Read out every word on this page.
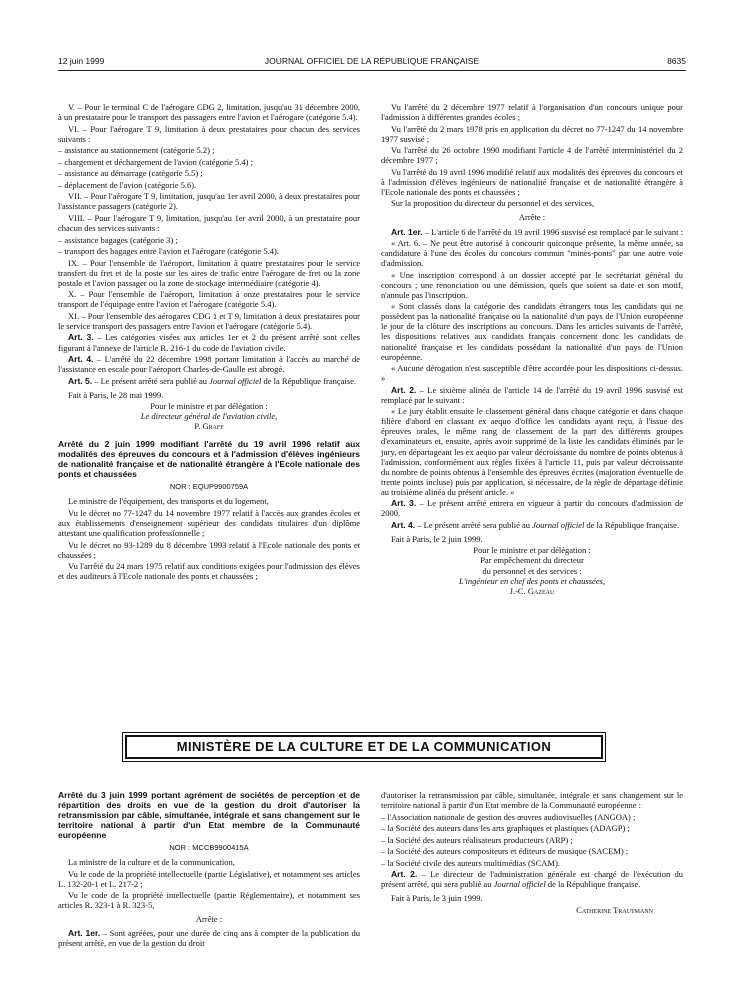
12 juin 1999	JOURNAL OFFICIEL DE LA RÉPUBLIQUE FRANÇAISE	8635

V. – Pour le terminal C de l'aérogare CDG 2, limitation, jusqu'au 31 décembre 2000, à un prestataire pour le transport des passagers entre l'avion et l'aérogare (catégorie 5.4).

VI. – Pour l'aérogare T 9, limitation à deux prestataires pour chacun des services suivants :

– assistance au stationnement (catégorie 5.2) ;

– chargement et déchargement de l'avion (catégorie 5.4) ;

– assistance au démarrage (catégorie 5.5) ;

– déplacement de l'avion (catégorie 5.6).

VII. – Pour l'aérogare T 9, limitation, jusqu'au 1er avril 2000, à deux prestataires pour l'assistance passagers (catégorie 2).

VIII. – Pour l'aérogare T 9, limitation, jusqu'au 1er avril 2000, à un prestataire pour chacun des services suivants :

– assistance bagages (catégorie 3) ;

– transport des bagages entre l'avion et l'aérogare (catégorie 5.4).

IX. – Pour l'ensemble de l'aéroport, limitation à quatre prestataires pour le service transfert du fret et de la poste sur les aires de trafic entre l'aérogare de fret ou la zone postale et l'avion passager ou la zone de stockage intermédiaire (catégorie 4).

X. – Pour l'ensemble de l'aéroport, limitation à onze prestataires pour le service transport de l'équipage entre l'avion et l'aérogare (catégorie 5.4).

XI. – Pour l'ensemble des aérogares CDG 1 et T 9, limitation à deux prestataires pour le service transport des passagers entre l'avion et l'aérogare (catégorie 5.4).

Art. 3. – Les catégories visées aux articles 1er et 2 du présent arrêté sont celles figurant à l'annexe de l'article R. 216-1 du code de l'aviation civile.

Art. 4. – L'arrêté du 22 décembre 1998 portant limitation à l'accès au marché de l'assistance en escale pour l'aéroport Charles-de-Gaulle est abrogé.

Art. 5. – Le présent arrêté sera publié au Journal officiel de la République française.

Fait à Paris, le 28 mai 1999.

Pour le ministre et par délégation :

Le directeur général de l'aviation civile,

P. Graff

Arrêté du 2 juin 1999 modifiant l'arrêté du 19 avril 1996 relatif aux modalités des épreuves du concours et à l'admission d'élèves ingénieurs de nationalité française et de nationalité étrangère à l'Ecole nationale des ponts et chaussées

NOR : EQUP9900759A

Le ministre de l'équipement, des transports et du logement,

Vu le décret no 77-1247 du 14 novembre 1977 relatif à l'accès aux grandes écoles et aux établissements d'enseignement supérieur des candidats titulaires d'un diplôme attestant une qualification professionnelle ;

Vu le décret no 93-1289 du 8 décembre 1993 relatif à l'Ecole nationale des ponts et chaussées ;

Vu l'arrêté du 24 mars 1975 relatif aux conditions exigées pour l'admission des élèves et des auditeurs à l'Ecole nationale des ponts et chaussées ;

Vu l'arrêté du 2 décembre 1977 relatif à l'organisation d'un concours unique pour l'admission à différentes grandes écoles ;

Vu l'arrêté du 2 mars 1978 pris en application du décret no 77-1247 du 14 novembre 1977 susvisé ;

Vu l'arrêté du 26 octobre 1990 modifiant l'article 4 de l'arrêté interministériel du 2 décembre 1977 ;

Vu l'arrêté du 19 avril 1996 modifié relatif aux modalités des épreuves du concours et à l'admission d'élèves ingénieurs de nationalité française et de nationalité étrangère à l'Ecole nationale des ponts et chaussées ;

Sur la proposition du directeur du personnel et des services,

Arrête :

Art. 1er. – L'article 6 de l'arrêté du 19 avril 1996 susvisé est remplacé par le suivant :

« Art. 6. – Ne peut être autorisé à concourir quiconque présente, la même année, sa candidature à l'une des écoles du concours commun "mines-ponts" par une autre voie d'admission.

« Une inscription correspond à un dossier accepté par le secrétariat général du concours ; une renonciation ou une démission, quels que soient sa date et son motif, n'annule pas l'inscription.

« Sont classés dans la catégorie des candidats étrangers tous les candidats qui ne possèdent pas la nationalité française ou la nationalité d'un pays de l'Union européenne le jour de la clôture des inscriptions au concours. Dans les articles suivants de l'arrêté, les dispositions relatives aux candidats français concernent donc les candidats de nationalité française et les candidats possédant la nationalité d'un pays de l'Union européenne.

« Aucune dérogation n'est susceptible d'être accordée pour les dispositions ci-dessus. »

Art. 2. – Le sixième alinéa de l'article 14 de l'arrêté du 19 avril 1996 susvisé est remplacé par le suivant :

« Le jury établit ensuite le classement général dans chaque catégorie et dans chaque filière d'abord en classant ex aequo d'office les candidats ayant reçu, à l'issue des épreuves orales, le même rang de classement de la part des différents groupes d'examinateurs et, ensuite, après avoir supprimé de la liste les candidats éliminés par le jury, en départageant les ex aequo par valeur décroissante du nombre de points obtenus à l'admission, conformément aux règles fixées à l'article 11, puis par valeur décroissante du nombre de points obtenus à l'ensemble des épreuves écrites (majoration éventuelle de trente points incluse) puis par application, si nécessaire, de la règle de départage définie au troisième alinéa du présent article. »

Art. 3. – Le présent arrêté entrera en vigueur à partir du concours d'admission de 2000.

Art. 4. – Le présent arrêté sera publié au Journal officiel de la République française.

Fait à Paris, le 2 juin 1999.

Pour le ministre et par délégation :

Par empêchement du directeur

du personnel et des services :

L'ingénieur en chef des ponts et chaussées,

J.-C. Gazeau

MINISTÈRE DE LA CULTURE ET DE LA COMMUNICATION

Arrêté du 3 juin 1999 portant agrément de sociétés de perception et de répartition des droits en vue de la gestion du droit d'autoriser la retransmission par câble, simultanée, intégrale et sans changement sur le territoire national à partir d'un Etat membre de la Communauté européenne

NOR : MCCB9900415A

La ministre de la culture et de la communication,

Vu le code de la propriété intellectuelle (partie Législative), et notamment ses articles L. 132-20-1 et L. 217-2 ;

Vu le code de la propriété intellectuelle (partie Réglementaire), et notamment ses articles R. 323-1 à R. 323-5,

Arrête :

Art. 1er. – Sont agréées, pour une durée de cinq ans à compter de la publication du présent arrêté, en vue de la gestion du droit

d'autoriser la retransmission par câble, simultanée, intégrale et sans changement sur le territoire national à partir d'un Etat membre de la Communauté européenne :

– l'Association nationale de gestion des œuvres audiovisuelles (ANGOA) ;

– la Société des auteurs dans les arts graphiques et plastiques (ADAGP) ;

– la Société des auteurs réalisateurs producteurs (ARP) ;

– la Société des auteurs compositeurs et éditeurs de musique (SACEM) ;

– la Société civile des auteurs multimédias (SCAM).

Art. 2. – Le directeur de l'administration générale est chargé de l'exécution du présent arrêté, qui sera publié au Journal officiel de la République française.

Fait à Paris, le 3 juin 1999.

Catherine Trautmann
